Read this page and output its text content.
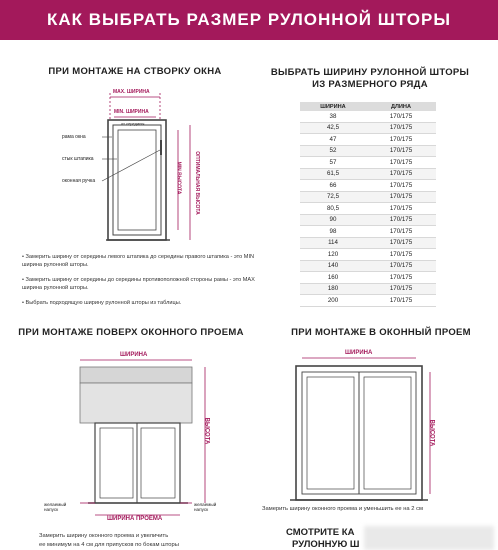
КАК ВЫБРАТЬ РАЗМЕР РУЛОННОЙ ШТОРЫ
ПРИ МОНТАЖЕ НА СТВОРКУ ОКНА	ВЫБРАТЬ ШИРИНУ РУЛОННОЙ ШТОРЫ
ИЗ РАЗМЕРНОГО РЯДА
ПРИ МОНТАЖЕ ПОВЕРХ ОКОННОГО ПРОЕМА	ПРИ МОНТАЖЕ В ОКОННЫЙ ПРОЕМ
MAX. ШИРИНА
MIN. ШИРИНА
от середины
рама окна
стык штапика
оконная ручка	MIN ВЫСОТА ОПТИМАЛЬНАЯ ВЫСОТА
• Замерить ширину от середины левого штапика до середины правого штапика - это MIN ширина рулонной шторы.
• Замерить ширину от середины до середины противоположной стороны рамы - это MAX ширина рулонной шторы.
• Выбрать подходящую ширину рулонной шторы из таблицы.
ШИРИНА	ДЛИНА
38	170/175
42,5	170/175
47	170/175
52	170/175
57	170/175
61,5	170/175
66	170/175
72,5	170/175
80,5	170/175
90	170/175
98	170/175
114	170/175
120	170/175
140	170/175
160	170/175
180	170/175
200	170/175
ШИРИНА
ВЫСОТА
ШИРИНА ПРОЕМА
желаемый напуск
желаемый напуск
Замерить ширину оконного проема и увеличить
ее минимум на 4 см для припусков по бокам шторы
ШИРИНА
ВЫСОТА
Замерить ширину оконного проема и уменьшить ее на 2 см
СМОТРИТЕ КА
РУЛОННУЮ Ш
